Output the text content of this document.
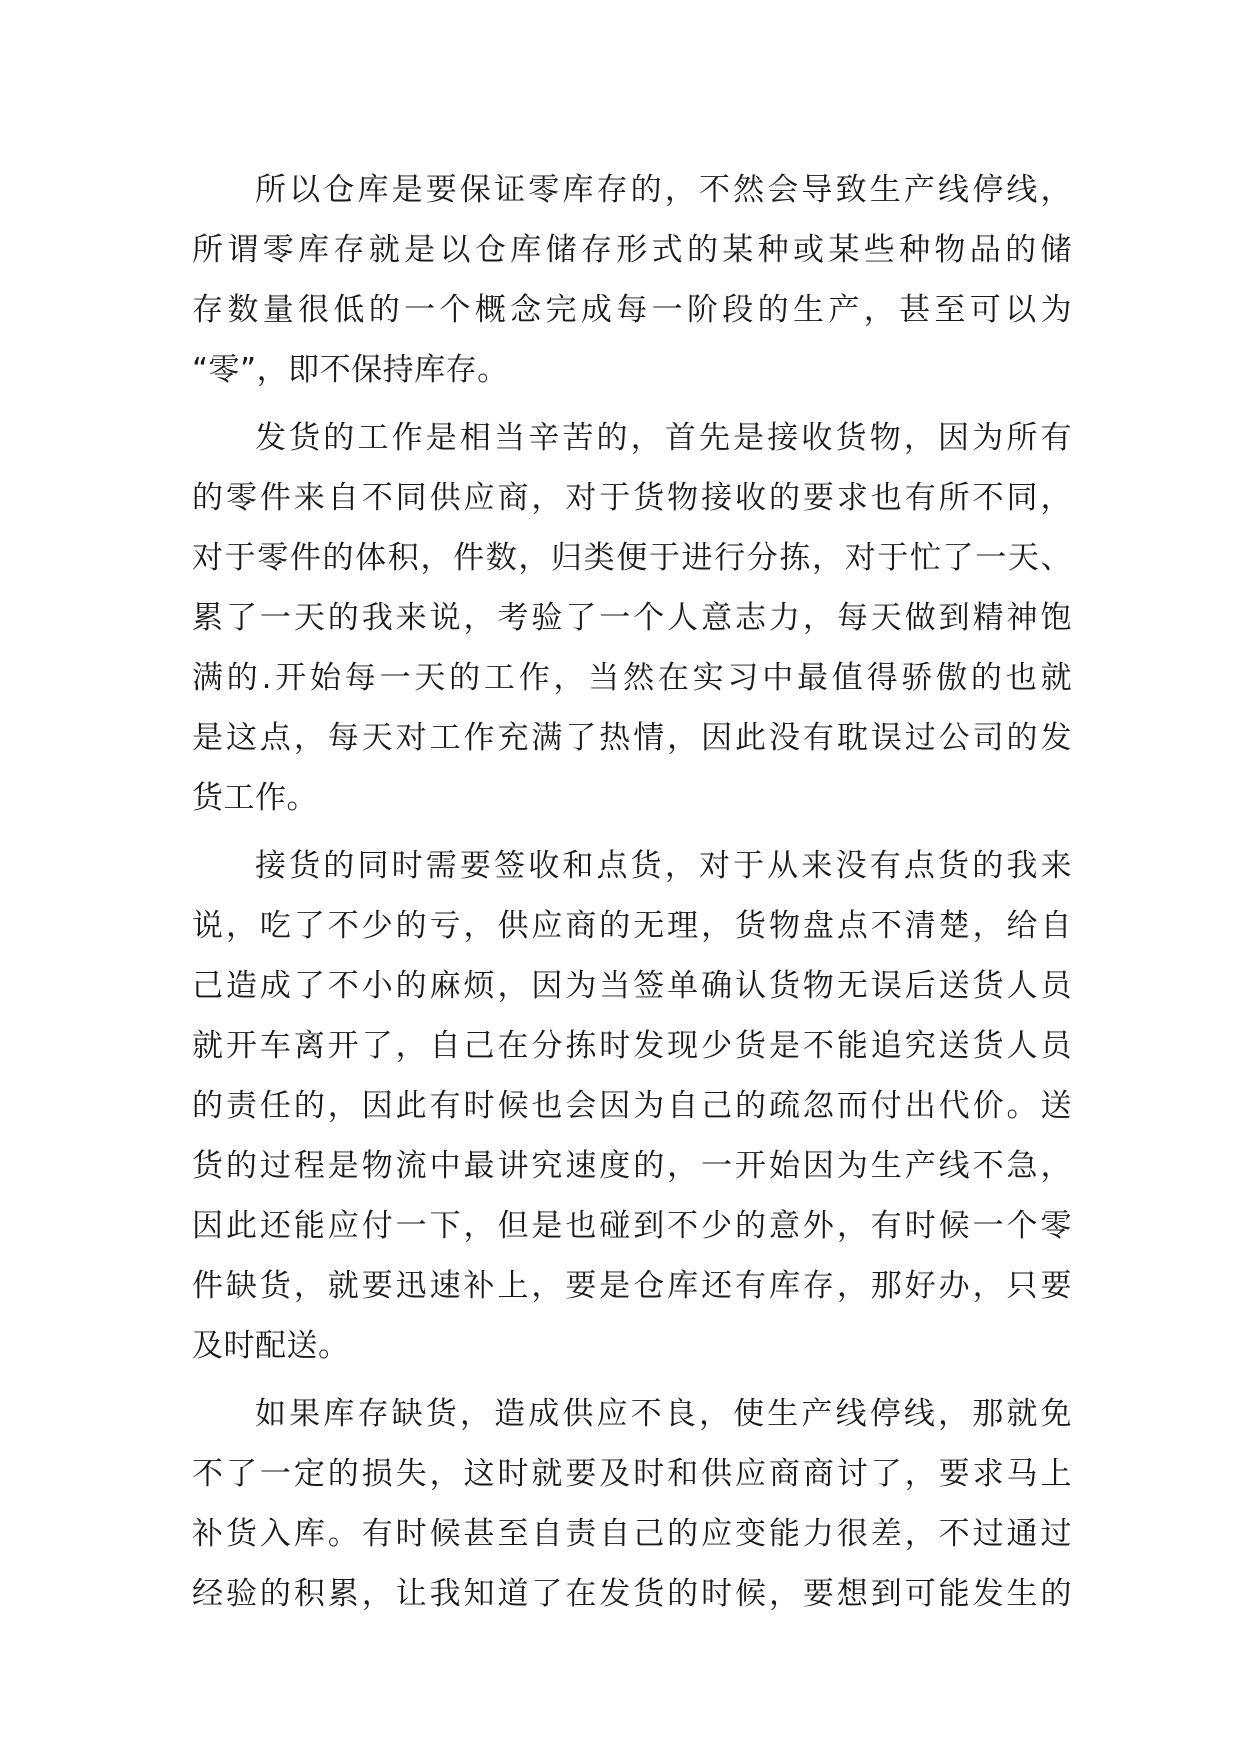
所以仓库是要保证零库存的，不然会导致生产线停线，
所谓零库存就是以仓库储存形式的某种或某些种物品的储
存数量很低的一个概念完成每一阶段的生产，甚至可以为
“零”，即不保持库存。
发货的工作是相当辛苦的，首先是接收货物，因为所有
的零件来自不同供应商，对于货物接收的要求也有所不同，
对于零件的体积，件数，归类便于进行分拣，对于忙了一天、
累了一天的我来说，考验了一个人意志力，每天做到精神饱
满的.开始每一天的工作，当然在实习中最值得骄傲的也就
是这点，每天对工作充满了热情，因此没有耽误过公司的发
货工作。
接货的同时需要签收和点货，对于从来没有点货的我来
说，吃了不少的亏，供应商的无理，货物盘点不清楚，给自
己造成了不小的麻烦，因为当签单确认货物无误后送货人员
就开车离开了，自己在分拣时发现少货是不能追究送货人员
的责任的，因此有时候也会因为自己的疏忽而付出代价。送
货的过程是物流中最讲究速度的，一开始因为生产线不急，
因此还能应付一下，但是也碰到不少的意外，有时候一个零
件缺货，就要迅速补上，要是仓库还有库存，那好办，只要
及时配送。
如果库存缺货，造成供应不良，使生产线停线，那就免
不了一定的损失，这时就要及时和供应商商讨了，要求马上
补货入库。有时候甚至自责自己的应变能力很差，不过通过
经验的积累，让我知道了在发货的时候，要想到可能发生的
